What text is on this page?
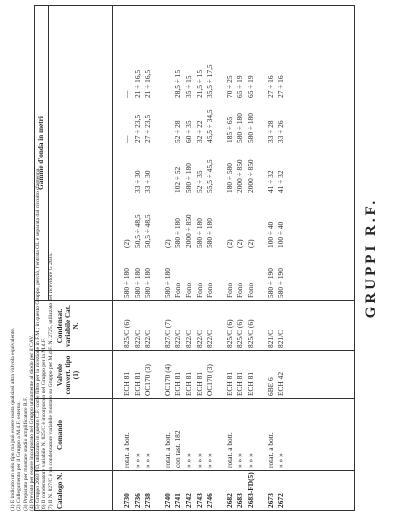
GRUPPI R.F.
Catalogo N.
Comando
Valvole convert. tipo (1)
Condensat. variabile Cat. N.
Gamme d'onda in metri
2730
rotat. a bott.
ECH 81
825/C (6)
580 ÷ 180
(2)
—
—
2736
» » »
ECH 81
822/C
580 ÷ 180
50,5 ÷ 48,5
33 ÷ 30
27 ÷ 23,5
21 ÷ 16,5
2738
» » »
OC170 (3)
822/C
580 ÷ 180
50,5 ÷ 48,5
33 ÷ 30
27 ÷ 23,5
21 ÷ 16,5
2740
rotat. a bott.
OC170 (4)
827/C (7)
580 ÷ 180
(2)
2741
con tast. 182
ECH 81
822/C
Fono
580 ÷ 180
102 ÷ 52
52 ÷ 28
28,5 ÷ 15
2742
» » »
ECH 81
822/C
Fono
2000 ÷ 850
580 ÷ 180
60 ÷ 35
35 ÷ 15
2743
» » »
ECH 81
822/C
Fono
580 ÷ 180
52 ÷ 35
32 ÷ 22
21,5 ÷ 15
2746
» » »
OC170 (3)
822/C
Fono
580 ÷ 180
55,5 ÷ 45,5
45,5 ÷ 34,5
35,5 ÷ 17,5
2682
rotat. a bott.
ECH 81
825/C (6)
Fono
(2)
180 ÷ 580
185 ÷ 65
70 ÷ 25
2683
» » »
ECH 81
825/C (6)
Fono
(2)
2000 ÷ 850
580 ÷ 180
65 ÷ 19
2683-FD(5)
» » »
ECH 81
825/C (6)
Fono
(2)
2000 ÷ 850
580 ÷ 180
65 ÷ 19
2673
rotat. a bott.
6BE 6
821/C
580 ÷ 190
100 ÷ 40
41 ÷ 32
33 ÷ 28
27 ÷ 16
2672
» » »
ECH 42
821/C
580 ÷ 190
100 ÷ 40
41 ÷ 32
33 ÷ 26
27 ÷ 16
(1) È indicato un solo tipo ma può essere usata qualsiasi altra valvola equivalente. (2) Collegamento per il Gruppo a M.d.F. esterno. (3) Preparato per montare stadio amplificatore R.F. (4) Previsto per essere incorporato nel Gruppo unitamente al diodo per il CAV. (5) Gruppo 2683 FD, utilizzato in questo C.F. come filtro per la ricezione in F.M.; in questo Gruppo, perciò, l'entrata OL è separata dal circuito d'antenna. (6) Il condensatore variabile N. 825/C è incorporato nel Gruppo per la M.d.F. (7) Il N. 827/C è un condensatore variabile montato su Gruppo per M.d.F. N. 2725, utilizzato nel ricevitore G 2035.
